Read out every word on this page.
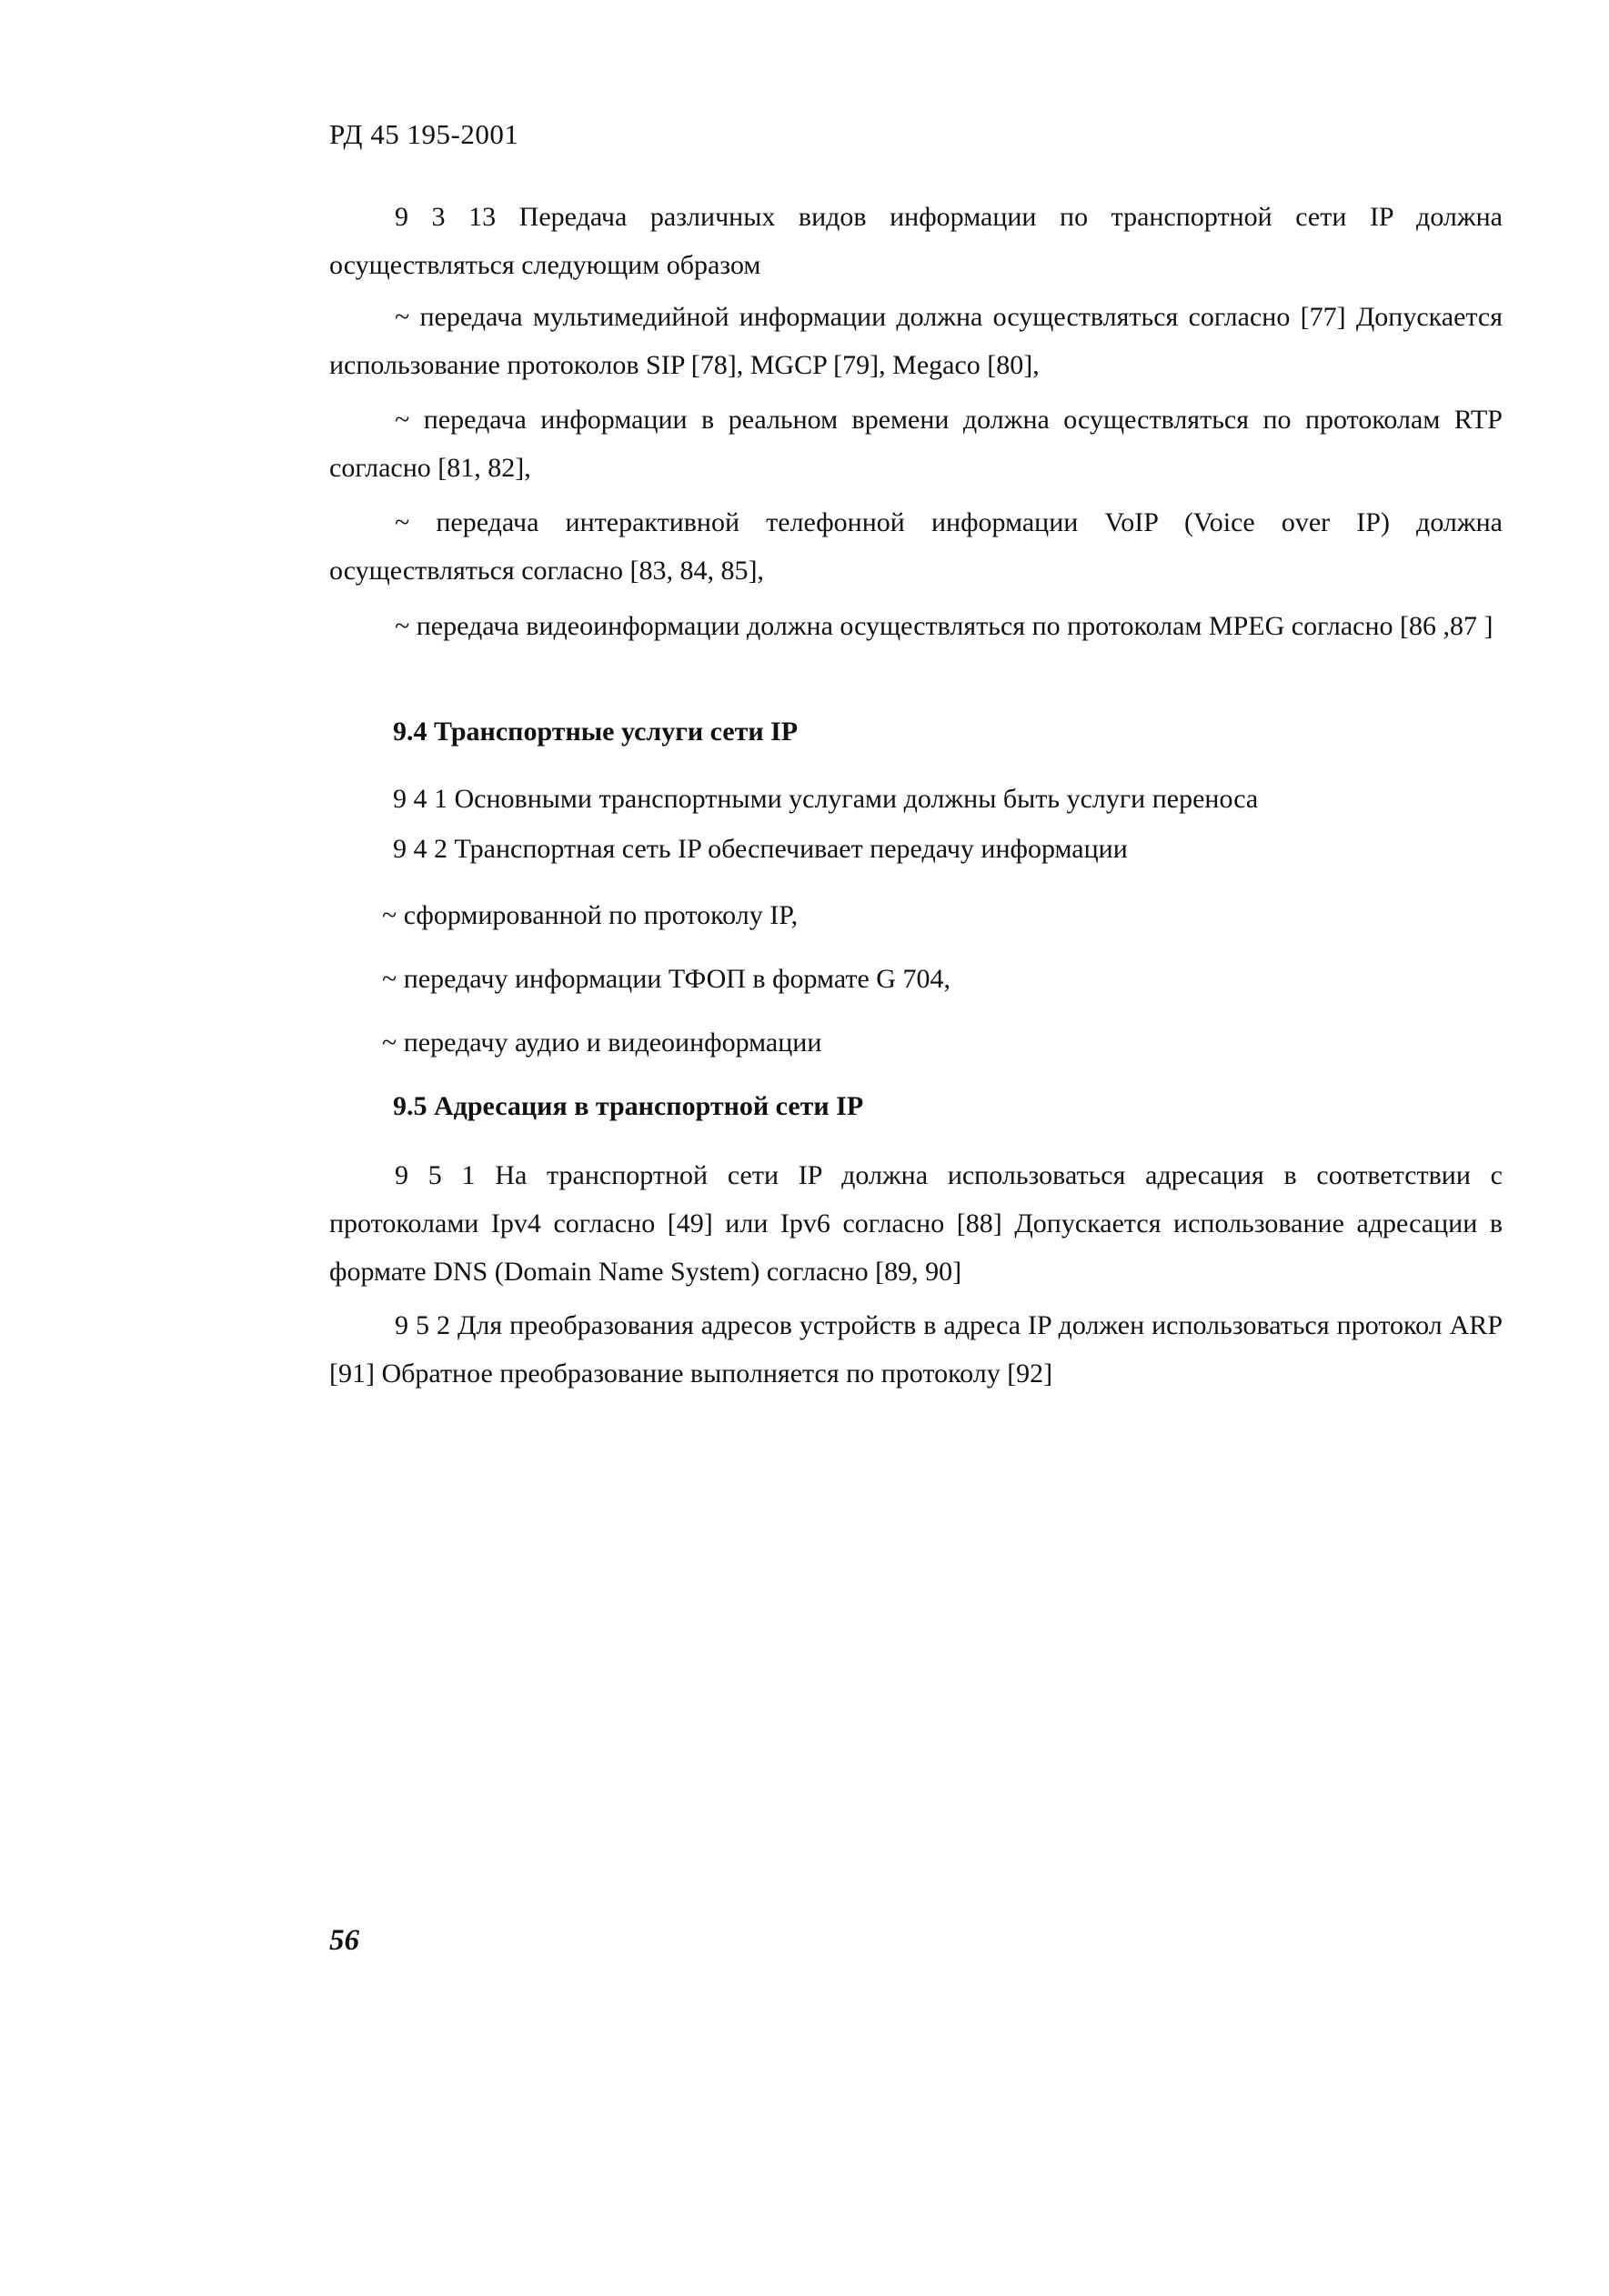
РД 45 195-2001
9 3 13 Передача различных видов информации по транспортной сети IP должна осуществляться следующим образом
~ передача мультимедийной информации должна осуществляться согласно [77] Допускается использование протоколов SIP [78], MGCP [79], Megaco [80],
~ передача информации в реальном времени должна осуществляться по протоколам RTP согласно [81, 82],
~ передача интерактивной телефонной информации VoIP (Voice over IP) должна осуществляться согласно [83, 84, 85],
~ передача видеоинформации должна осуществляться по протоколам MPEG согласно [86 ,87 ]
9.4 Транспортные услуги сети IP
9 4 1 Основными транспортными услугами должны быть услуги переноса
9 4 2 Транспортная сеть IP обеспечивает передачу информации
~ сформированной по протоколу IP,
~ передачу информации ТФОП в формате G 704,
~ передачу аудио и видеоинформации
9.5 Адресация в транспортной сети IP
9 5 1 На транспортной сети IP должна использоваться адресация в соответствии с протоколами Ipv4 согласно [49] или Ipv6 согласно [88] Допускается использование адресации в формате DNS (Domain Name System) согласно [89, 90]
9 5 2 Для преобразования адресов устройств в адреса IP должен использоваться протокол ARP [91] Обратное преобразование выполняется по протоколу [92]
56
